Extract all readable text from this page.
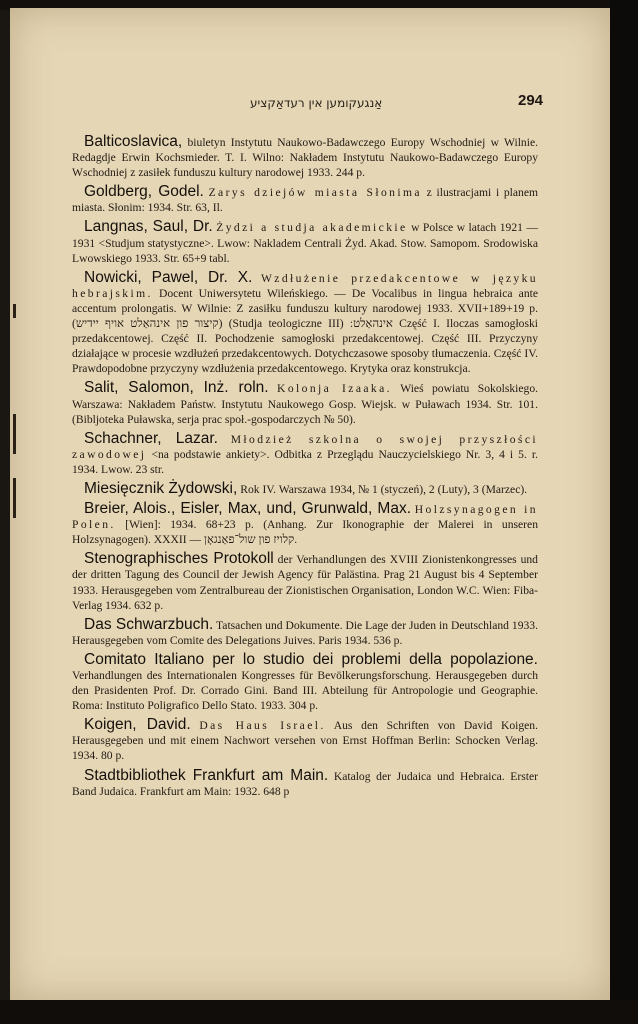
אַנגעקומען אין רעדאַקציע	294

Balticoslavica, biuletyn Instytutu Naukowo-Badawczego Europy Wschodniej w Wilnie. Redagdje Erwin Kochsmieder. T. I. Wilno: Nakładem Instytutu Naukowo-Badawczego Europy Wschodniej z zasiłek funduszu kultury narodowej 1933. 244 p.

Goldberg, Godel. Zarys dziejów miasta Słonima z ilustracjami i planem miasta. Słonim: 1934. Str. 63, Il.

Langnas, Saul, Dr. Żydzi a studja akademickie w Polsce w latach 1921 — 1931 <Studjum statystyczne>. Lwow: Nakladem Centrali Żyd. Akad. Stow. Samopom. Srodowiska Lwowskiego 1933. Str. 65+9 tabl.

Nowicki, Pawel, Dr. X. Wzdłużenie przedakcentowe w języku hebrajskim. Docent Uniwersytetu Wileńskiego. — De Vocalibus in lingua hebraica ante accentum prolongatis. W Wilnie: Z zasiłku funduszu kultury narodowej 1933. XVII+189+19 p. (קיצור פון אינהאַלט אויף יידיש) (Studja teologiczne III) :אינהאַלט Część I. Iloczas samogłoski przedakcentowej. Część II. Pochodzenie samogłoski przedakcentowej. Część III. Przyczyny działające w procesie wzdłużeń przedakcentowych. Dotychczasowe sposoby tłumaczenia. Część IV. Prawdopodobne przyczyny wzdłużenia przedakcentowego. Krytyka oraz konstrukcja.

Salit, Salomon, Inż. roln. Kolonja Izaaka. Wieś powiatu Sokolskiego. Warszawa: Nakładem Państw. Instytutu Naukowego Gosp. Wiejsk. w Puławach 1934. Str. 101. (Bibljoteka Puławska, serja prac społ.-gospodarczych № 50).

Schachner, Lazar. Młodzież szkolna o swojej przyszłości zawodowej <na podstawie ankiety>. Odbitka z Przeglądu Nauczycielskiego Nr. 3, 4 i 5. r. 1934. Lwow. 23 str.

Miesięcznik Żydowski, Rok IV. Warszawa 1934, № 1 (styczeń), 2 (Luty), 3 (Marzec).

Breier, Alois., Eisler, Max, und, Grunwald, Max. Holzsynagogen in Polen. [Wien]: 1934. 68+23 p. (Anhang. Zur Ikonographie der Malerei in unseren Holzsynagogen). XXXII — קלויז פון שול־פאַנגאָן.

Stenographisches Protokoll der Verhandlungen des XVIII Zionistenkongresses und der dritten Tagung des Council der Jewish Agency für Palästina. Prag 21 August bis 4 September 1933. Herausgegeben vom Zentralbureau der Zionistischen Organisation, London W.C. Wien: Fiba-Verlag 1934. 632 p.

Das Schwarzbuch. Tatsachen und Dokumente. Die Lage der Juden in Deutschland 1933. Herausgegeben vom Comite des Delegations Juives. Paris 1934. 536 p.

Comitato Italiano per lo studio dei problemi della popolazione. Verhandlungen des Internationalen Kongresses für Bevölkerungsforschung. Herausgegeben durch den Prasidenten Prof. Dr. Corrado Gini. Band III. Abteilung für Antropologie und Geographie. Roma: Instituto Poligrafico Dello Stato. 1933. 304 p.

Koigen, David. Das Haus Israel. Aus den Schriften von David Koigen. Herausgegeben und mit einem Nachwort versehen von Ernst Hoffman Berlin: Schocken Verlag. 1934. 80 p.

Stadtbibliothek Frankfurt am Main. Katalog der Judaica und Hebraica. Erster Band Judaica. Frankfurt am Main: 1932. 648 p
